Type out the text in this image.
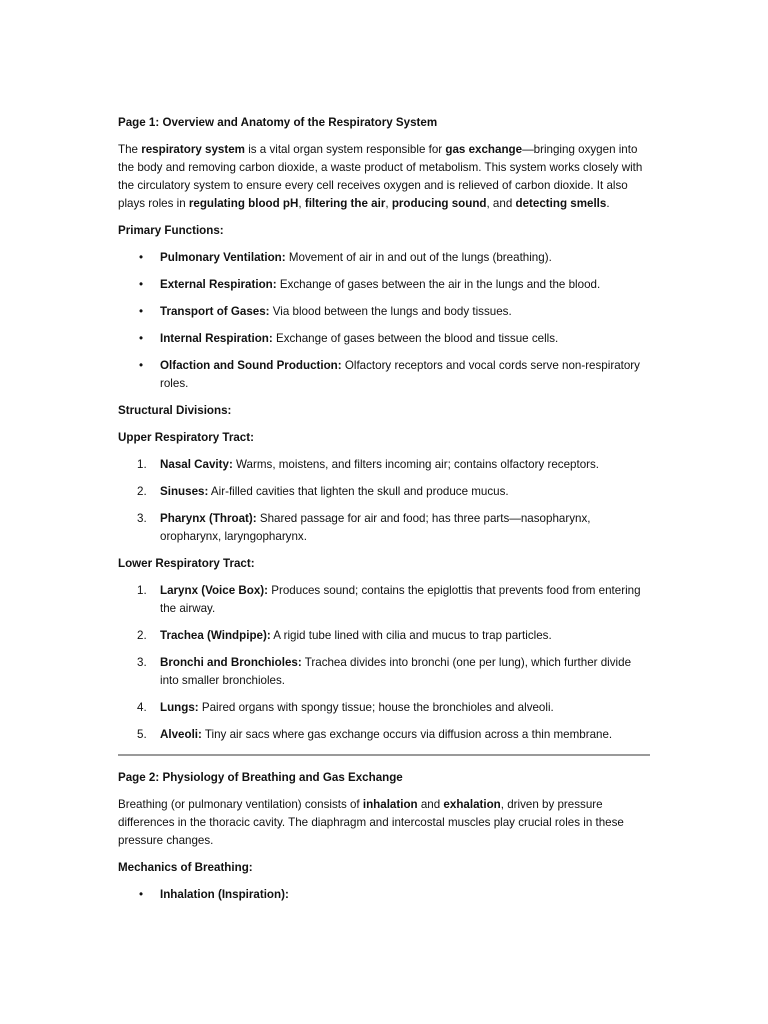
Page 1: Overview and Anatomy of the Respiratory System

The respiratory system is a vital organ system responsible for gas exchange—bringing oxygen into the body and removing carbon dioxide, a waste product of metabolism. This system works closely with the circulatory system to ensure every cell receives oxygen and is relieved of carbon dioxide. It also plays roles in regulating blood pH, filtering the air, producing sound, and detecting smells.

Primary Functions:

• Pulmonary Ventilation: Movement of air in and out of the lungs (breathing).
• External Respiration: Exchange of gases between the air in the lungs and the blood.
• Transport of Gases: Via blood between the lungs and body tissues.
• Internal Respiration: Exchange of gases between the blood and tissue cells.
• Olfaction and Sound Production: Olfactory receptors and vocal cords serve non-respiratory roles.

Structural Divisions:

Upper Respiratory Tract:

1. Nasal Cavity: Warms, moistens, and filters incoming air; contains olfactory receptors.
2. Sinuses: Air-filled cavities that lighten the skull and produce mucus.
3. Pharynx (Throat): Shared passage for air and food; has three parts—nasopharynx, oropharynx, laryngopharynx.

Lower Respiratory Tract:

1. Larynx (Voice Box): Produces sound; contains the epiglottis that prevents food from entering the airway.
2. Trachea (Windpipe): A rigid tube lined with cilia and mucus to trap particles.
3. Bronchi and Bronchioles: Trachea divides into bronchi (one per lung), which further divide into smaller bronchioles.
4. Lungs: Paired organs with spongy tissue; house the bronchioles and alveoli.
5. Alveoli: Tiny air sacs where gas exchange occurs via diffusion across a thin membrane.

Page 2: Physiology of Breathing and Gas Exchange

Breathing (or pulmonary ventilation) consists of inhalation and exhalation, driven by pressure differences in the thoracic cavity. The diaphragm and intercostal muscles play crucial roles in these pressure changes.

Mechanics of Breathing:

• Inhalation (Inspiration):
